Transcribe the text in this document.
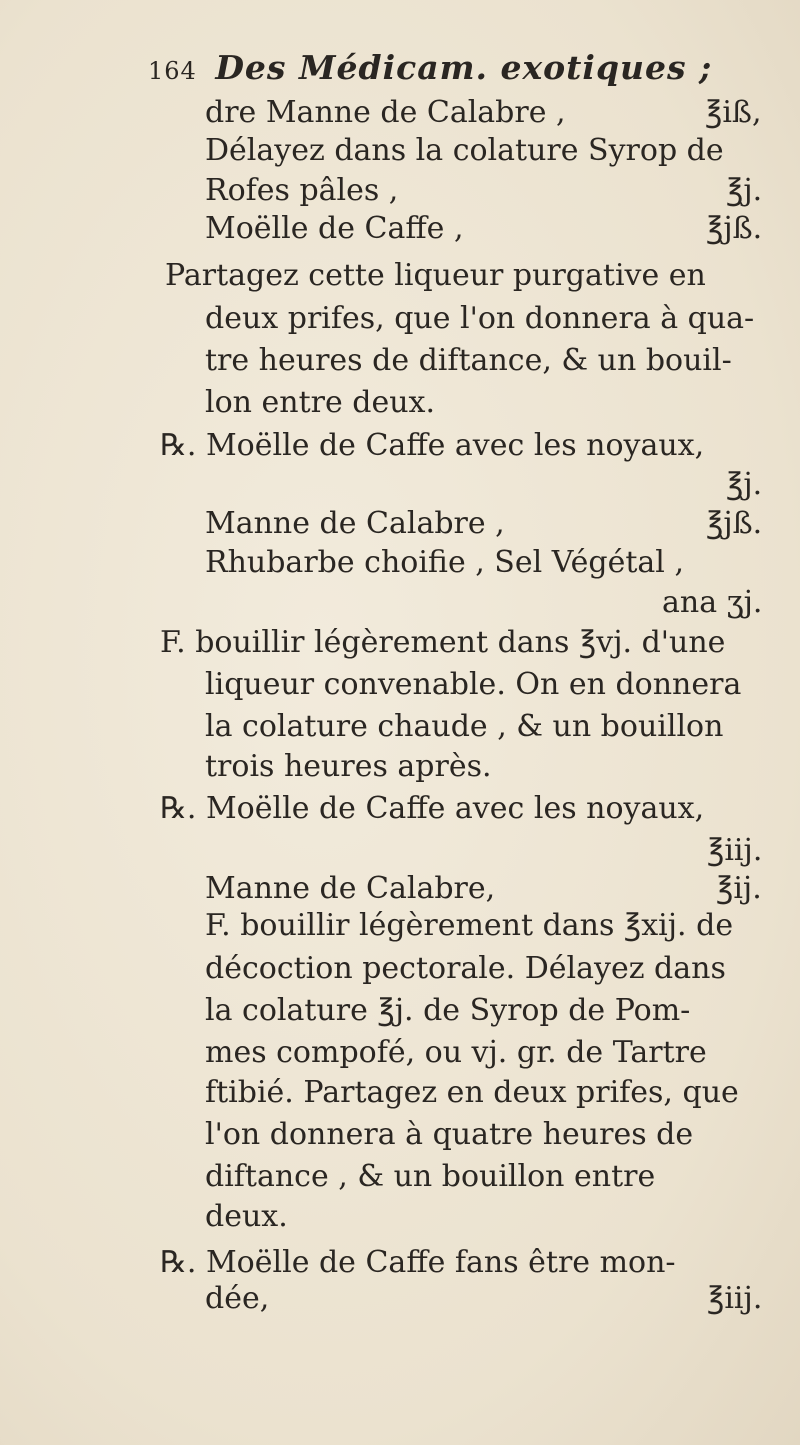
164 Des Médicam. exotiques ;
dre Manne de Calabre ,	℥iß,
Délayez dans la colature Syrop de
Rofes pâles ,	℥j.
Moëlle de Caffe ,	℥jß.
Partagez cette liqueur purgative en
deux prifes, que l'on donnera à qua-
tre heures de diftance, & un bouil-
lon entre deux.
℞. Moëlle de Caffe avec les noyaux,
℥j.
Manne de Calabre ,	℥jß.
Rhubarbe choifie , Sel Végétal ,
ana ʒj.
F. bouillir légèrement dans ℥vj. d'une
liqueur convenable. On en donnera
la colature chaude , & un bouillon
trois heures après.
℞. Moëlle de Caffe avec les noyaux,
℥iij.
Manne de Calabre,	℥ij.
F. bouillir légèrement dans ℥xij. de
décoction pectorale. Délayez dans
la colature ℥j. de Syrop de Pom-
mes compofé, ou vj. gr. de Tartre
ftibié. Partagez en deux prifes, que
l'on donnera à quatre heures de
diftance , & un bouillon entre
deux.
℞. Moëlle de Caffe fans être mon-
dée,	℥iij.
